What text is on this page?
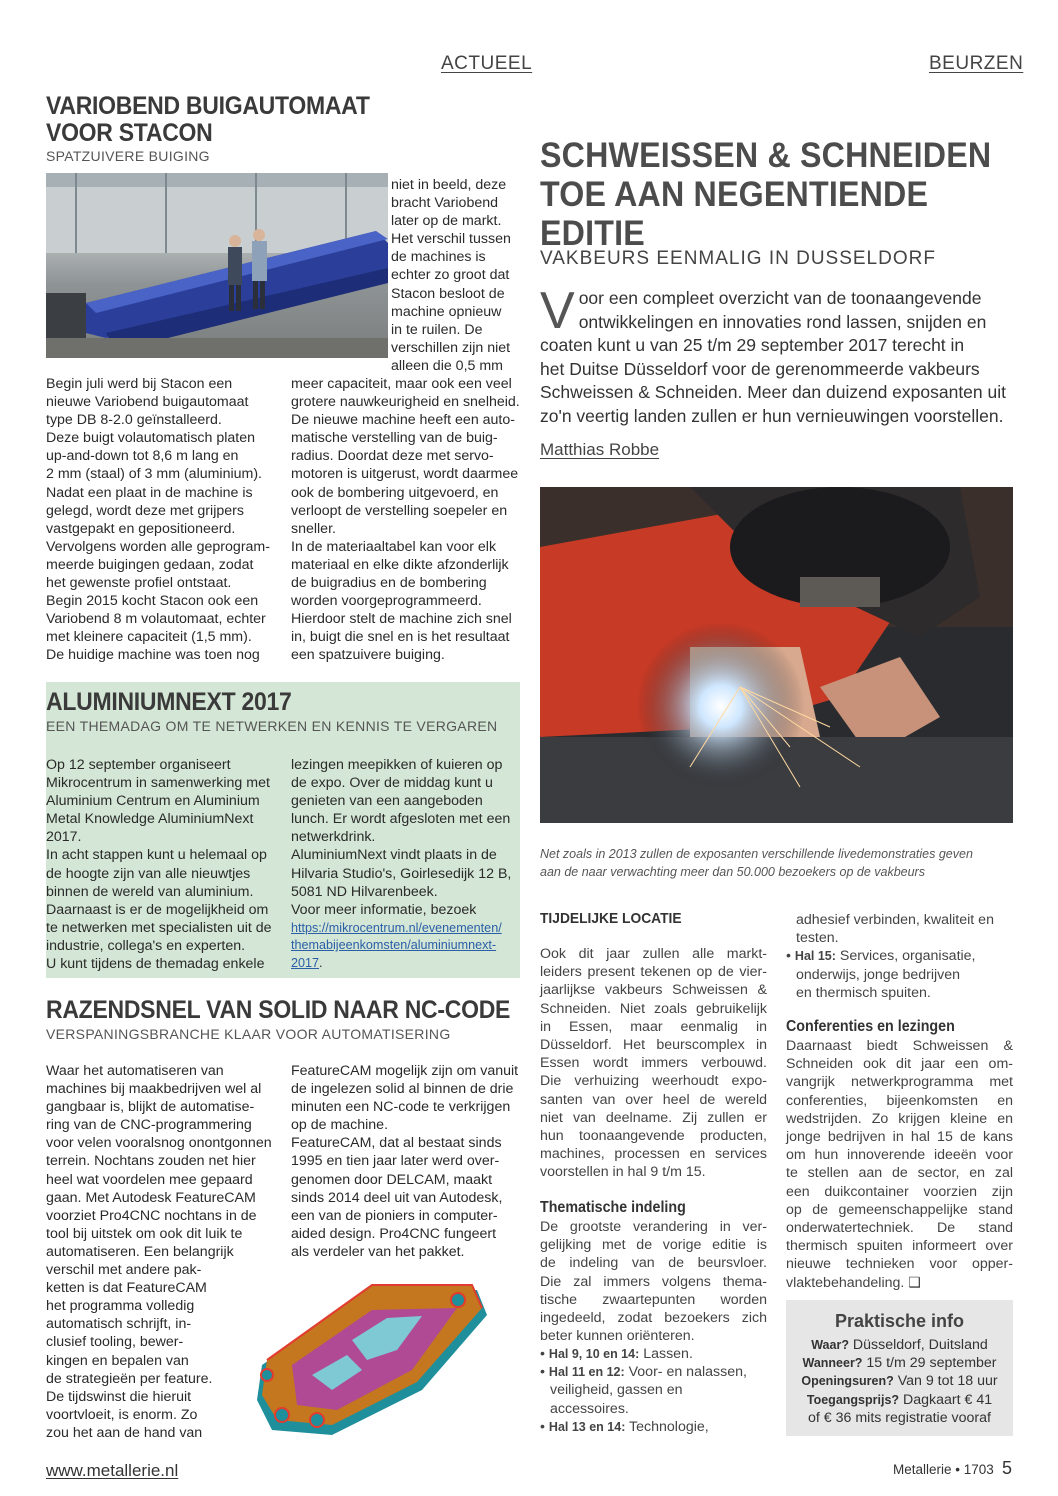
ACTUEEL	BEURZEN
VARIOBEND BUIGAUTOMAAT
VOOR STACON
SPATZUIVERE BUIGING

niet in beeld, deze

bracht Variobend

later op de markt.

Het verschil tussen

de machines is

echter zo groot dat

Stacon besloot de

machine opnieuw

in te ruilen. De

verschillen zijn niet

alleen die 0,5 mm

Begin juli werd bij Stacon een

nieuwe Variobend buigautomaat

type DB 8-2.0 geïnstalleerd.

Deze buigt volautomatisch platen

up-and-down tot 8,6 m lang en

2 mm (staal) of 3 mm (aluminium).

Nadat een plaat in de machine is

gelegd, wordt deze met grijpers

vastgepakt en gepositioneerd.

Vervolgens worden alle geprogram-

meerde buigingen gedaan, zodat

het gewenste profiel ontstaat.

Begin 2015 kocht Stacon ook een

Variobend 8 m volautomaat, echter

met kleinere capaciteit (1,5 mm).

De huidige machine was toen nog

meer capaciteit, maar ook een veel

grotere nauwkeurigheid en snelheid.

De nieuwe machine heeft een auto-

matische verstelling van de buig-

radius. Doordat deze met servo-

motoren is uitgerust, wordt daarmee

ook de bombering uitgevoerd, en

verloopt de verstelling soepeler en

sneller.

In de materiaaltabel kan voor elk

materiaal en elke dikte afzonderlijk

de buigradius en de bombering

worden voorgeprogrammeerd.

Hierdoor stelt de machine zich snel

in, buigt die snel en is het resultaat

een spatzuivere buiging.

ALUMINIUMNEXT 2017
EEN THEMADAG OM TE NETWERKEN EN KENNIS TE VERGAREN

Op 12 september organiseert

Mikrocentrum in samenwerking met

Aluminium Centrum en Aluminium

Metal Knowledge AluminiumNext

2017.

In acht stappen kunt u helemaal op

de hoogte zijn van alle nieuwtjes

binnen de wereld van aluminium.

Daarnaast is er de mogelijkheid om

te netwerken met specialisten uit de

industrie, collega's en experten.

U kunt tijdens de themadag enkele

lezingen meepikken of kuieren op

de expo. Over de middag kunt u

genieten van een aangeboden

lunch. Er wordt afgesloten met een

netwerkdrink.

AluminiumNext vindt plaats in de

Hilvaria Studio's, Goirlesedijk 12 B,

5081 ND Hilvarenbeek.

Voor meer informatie, bezoek

https://mikrocentrum.nl/evenementen/
themabijeenkomsten/aluminiumnext-
2017.

RAZENDSNEL VAN SOLID NAAR NC-CODE
VERSPANINGSBRANCHE KLAAR VOOR AUTOMATISERING

Waar het automatiseren van

machines bij maakbedrijven wel al

gangbaar is, blijkt de automatise-

ring van de CNC-programmering

voor velen vooralsnog onontgonnen

terrein. Nochtans zouden net hier

heel wat voordelen mee gepaard

gaan. Met Autodesk FeatureCAM

voorziet Pro4CNC nochtans in de

tool bij uitstek om ook dit luik te

automatiseren. Een belangrijk

verschil met andere pak-

ketten is dat FeatureCAM

het programma volledig

automatisch schrijft, in-

clusief tooling, bewer-

kingen en bepalen van

de strategieën per feature.

De tijdswinst die hieruit

voortvloeit, is enorm. Zo

zou het aan de hand van

FeatureCAM mogelijk zijn om vanuit

de ingelezen solid al binnen de drie

minuten een NC-code te verkrijgen

op de machine.

FeatureCAM, dat al bestaat sinds

1995 en tien jaar later werd over-

genomen door DELCAM, maakt

sinds 2014 deel uit van Autodesk,

een van de pioniers in computer-

aided design. Pro4CNC fungeert

als verdeler van het pakket.

SCHWEISSEN & SCHNEIDEN
TOE AAN NEGENTIENDE EDITIE
VAKBEURS EENMALIG IN DUSSELDORF
V oor een compleet overzicht van de toonaangevende
ontwikkelingen en innovaties rond lassen, snijden en
coaten kunt u van 25 t/m 29 september 2017 terecht in
het Duitse Düsseldorf voor de gerenommeerde vakbeurs
Schweissen & Schneiden. Meer dan duizend exposanten uit
zo'n veertig landen zullen er hun vernieuwingen voorstellen.
Matthias Robbe
Net zoals in 2013 zullen de exposanten verschillende livedemonstraties geven
aan de naar verwachting meer dan 50.000 bezoekers op de vakbeurs
TIJDELIJKE LOCATIE
Ook dit jaar zullen alle markt-
leiders present tekenen op de vier-
jaarlijkse vakbeurs Schweissen &
Schneiden. Niet zoals gebruikelijk
in Essen, maar eenmalig in
Düsseldorf. Het beurscomplex in
Essen wordt immers verbouwd.
Die verhuizing weerhoudt expo-
santen van over heel de wereld
niet van deelname. Zij zullen er
hun toonaangevende producten,
machines, processen en services
voorstellen in hal 9 t/m 15.
Thematische indeling
De grootste verandering in ver-
gelijking met de vorige editie is
de indeling van de beursvloer.
Die zal immers volgens thema-
tische zwaartepunten worden
ingedeeld, zodat bezoekers zich
beter kunnen oriënteren.
• Hal 9, 10 en 14: Lassen.
• Hal 11 en 12: Voor- en nalassen,
veiligheid, gassen en
accessoires.
• Hal 13 en 14: Technologie,
adhesief verbinden, kwaliteit en
testen.
• Hal 15: Services, organisatie,
onderwijs, jonge bedrijven
en thermisch spuiten.
Conferenties en lezingen
Daarnaast biedt Schweissen &
Schneiden ook dit jaar een om-
vangrijk netwerkprogramma met
conferenties, bijeenkomsten en
wedstrijden. Zo krijgen kleine en
jonge bedrijven in hal 15 de kans
om hun innoverende ideeën voor
te stellen aan de sector, en zal
een duikcontainer voorzien zijn
op de gemeenschappelijke stand
onderwatertechniek. De stand
thermisch spuiten informeert over
nieuwe technieken voor opper-
vlaktebehandeling. ❑
Praktische info
Waar? Düsseldorf, Duitsland
Wanneer? 15 t/m 29 september
Openingsuren? Van 9 tot 18 uur
Toegangsprijs? Dagkaart € 41
of € 36 mits registratie vooraf
www.metallerie.nl	Metallerie • 1703 5
